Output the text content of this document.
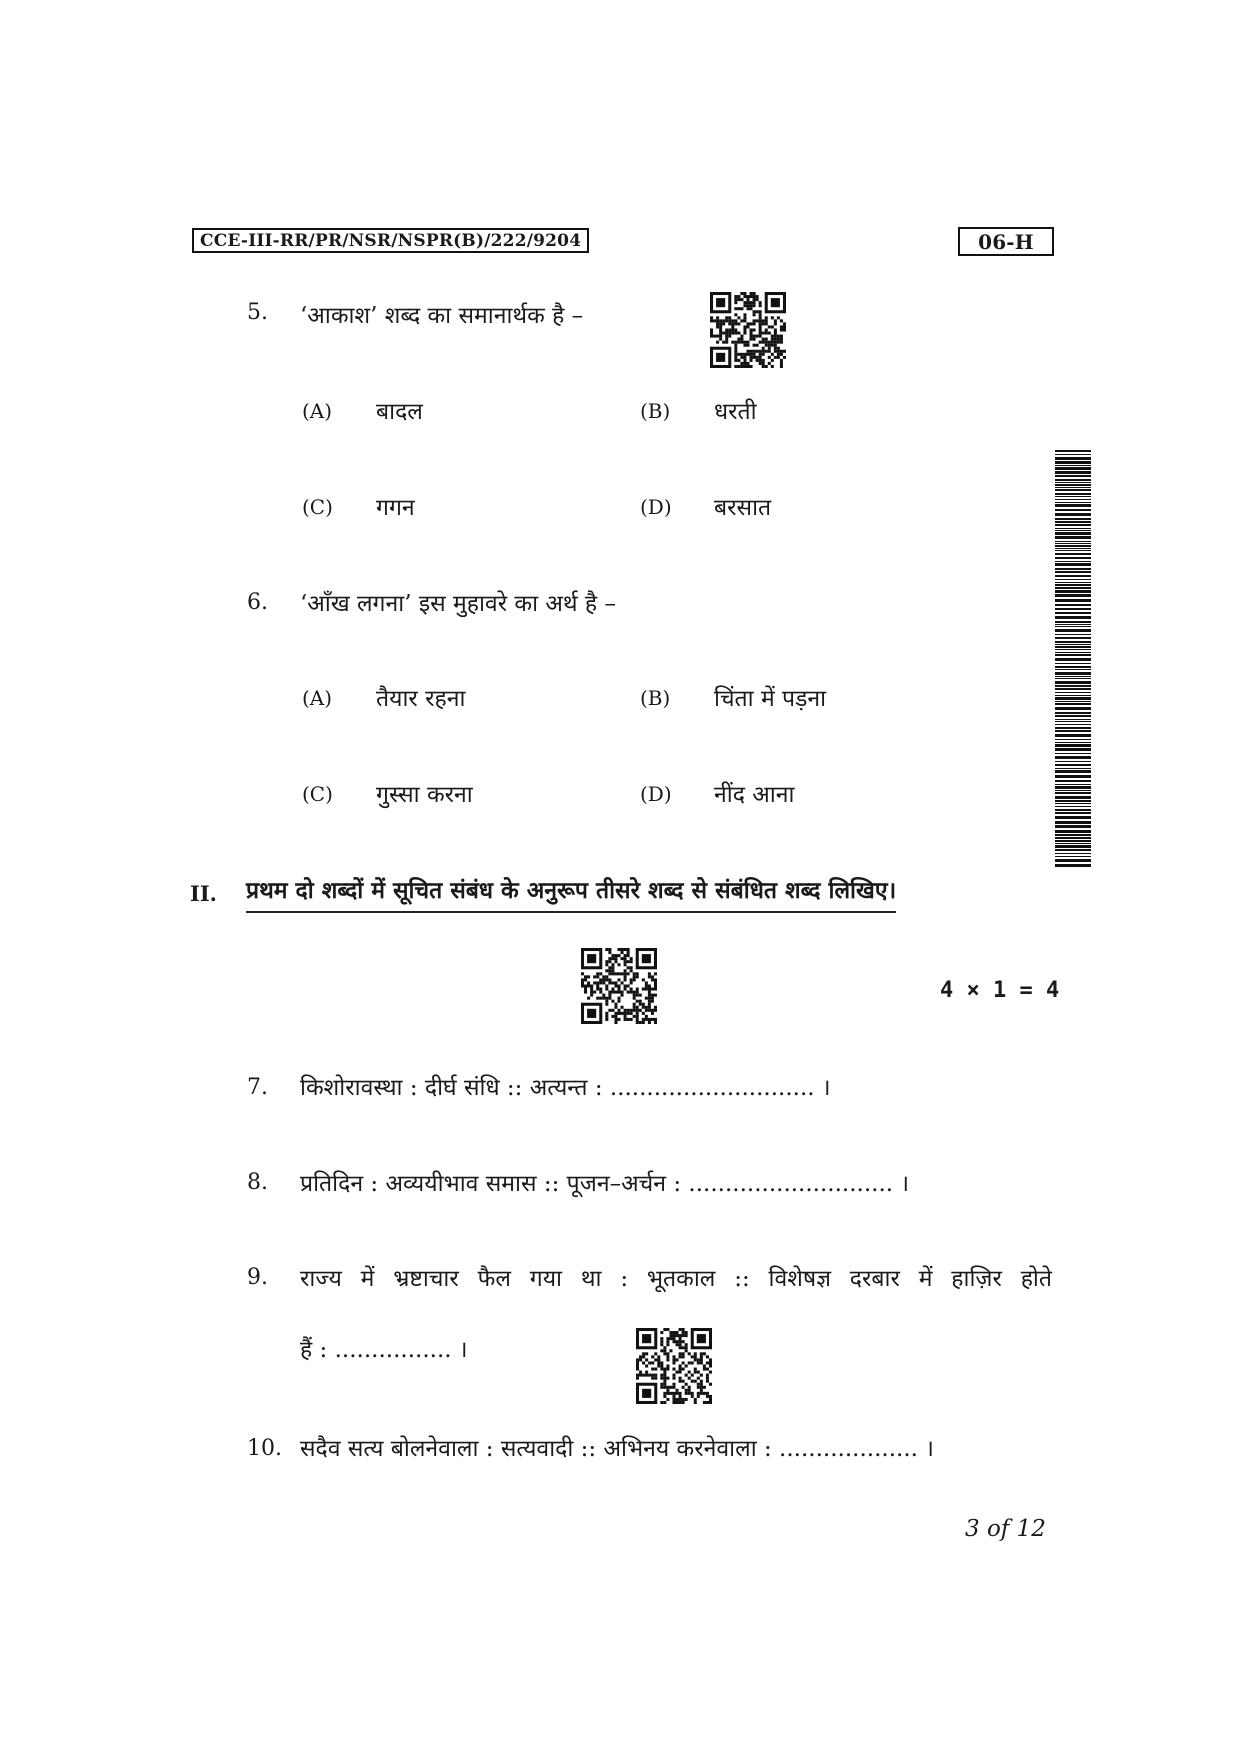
CCE-III-RR/PR/NSR/NSPR(B)/222/9204	06-H
5. ‘आकाश’ शब्द का समानार्थक है –
(A) बादल	(B) धरती
(C) गगन	(D) बरसात
6. ‘आँख लगना’ इस मुहावरे का अर्थ है –
(A) तैयार रहना	(B) चिंता में पड़ना
(C) गुस्सा करना	(D) नींद आना
II. प्रथम दो शब्दों में सूचित संबंध के अनुरूप तीसरे शब्द से संबंधित शब्द लिखिए।
4 × 1 = 4
7. किशोरावस्था : दीर्घ संधि :: अत्यन्त : ............................ ।
8. प्रतिदिन : अव्ययीभाव समास :: पूजन–अर्चन : ............................ ।
9. राज्य में भ्रष्टाचार फैल गया था : भूतकाल :: विशेषज्ञ दरबार में हाज़िर होते
हैं : ................ ।
10. सदैव सत्य बोलनेवाला : सत्यवादी :: अभिनय करनेवाला : ................... ।
3 of 12
